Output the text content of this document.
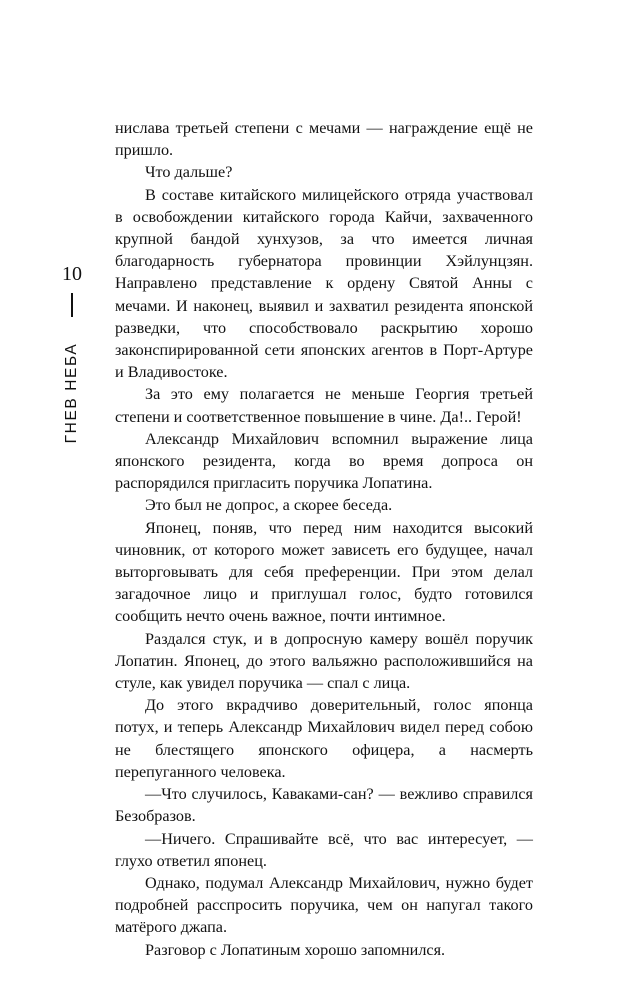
10
ГНЕВ НЕБА

нислава третьей степени с мечами — награждение ещё не пришло.

Что дальше?

В составе китайского милицейского отряда участвовал в освобождении китайского города Кайчи, захваченного крупной бандой хунхузов, за что имеется личная благодарность губернатора провинции Хэйлунцзян. Направлено представление к ордену Святой Анны с мечами. И наконец, выявил и захватил резидента японской разведки, что способствовало раскрытию хорошо законспирированной сети японских агентов в Порт-Артуре и Владивостоке.

За это ему полагается не меньше Георгия третьей степени и соответственное повышение в чине. Да!.. Герой!

Александр Михайлович вспомнил выражение лица японского резидента, когда во время допроса он распорядился пригласить поручика Лопатина.

Это был не допрос, а скорее беседа.

Японец, поняв, что перед ним находится высокий чиновник, от которого может зависеть его будущее, начал выторговывать для себя преференции. При этом делал загадочное лицо и приглушал голос, будто готовился сообщить нечто очень важное, почти интимное.

Раздался стук, и в допросную камеру вошёл поручик Лопатин. Японец, до этого вальяжно расположившийся на стуле, как увидел поручика — спал с лица.

До этого вкрадчиво доверительный, голос японца потух, и теперь Александр Михайлович видел перед собою не блестящего японского офицера, а насмерть перепуганного человека.

—Что случилось, Каваками-сан? — вежливо справился Безобразов.

—Ничего. Спрашивайте всё, что вас интересует, — глухо ответил японец.

Однако, подумал Александр Михайлович, нужно будет подробней расспросить поручика, чем он напугал такого матёрого джапа.

Разговор с Лопатиным хорошо запомнился.
